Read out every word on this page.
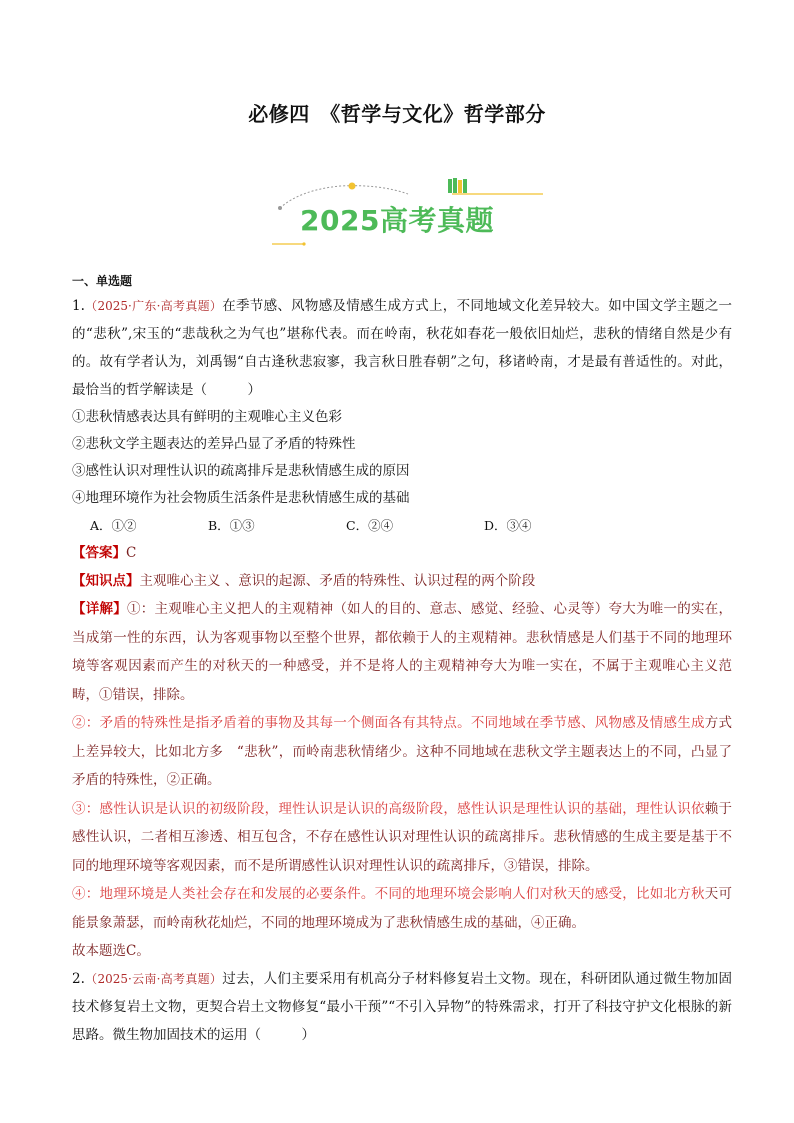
必修四　《哲学与文化》哲学部分
2025高考真题
一、单选题
1.（2025·广东·高考真题）在季节感、风物感及情感生成方式上，不同地域文化差异较大。如中国文学主题之一的“悲秋”,宋玉的“悲哉秋之为气也”堪称代表。而在岭南，秋花如春花一般依旧灿烂，悲秋的情绪自然是少有的。故有学者认为，刘禹锡“自古逢秋悲寂寥，我言秋日胜春朝”之句，移诸岭南，才是最有普适性的。对此，最恰当的哲学解读是（　　　）
①悲秋情感表达具有鲜明的主观唯心主义色彩
②悲秋文学主题表达的差异凸显了矛盾的特殊性
③感性认识对理性认识的疏离排斥是悲秋情感生成的原因
④地理环境作为社会物质生活条件是悲秋情感生成的基础
A．①②	B．①③	C．②④	D．③④
【答案】C
【知识点】主观唯心主义 、意识的起源、矛盾的特殊性、认识过程的两个阶段
【详解】①：主观唯心主义把人的主观精神（如人的目的、意志、感觉、经验、心灵等）夸大为唯一的实在，当成第一性的东西，认为客观事物以至整个世界，都依赖于人的主观精神。悲秋情感是人们基于不同的地理环境等客观因素而产生的对秋天的一种感受，并不是将人的主观精神夸大为唯一实在，不属于主观唯心主义范畴，①错误，排除。
②：矛盾的特殊性是指矛盾着的事物及其每一个侧面各有其特点。不同地域在季节感、风物感及情感生成方式上差异较大，比如北方多　“悲秋”，而岭南悲秋情绪少。这种不同地域在悲秋文学主题表达上的不同，凸显了矛盾的特殊性，②正确。
③：感性认识是认识的初级阶段，理性认识是认识的高级阶段，感性认识是理性认识的基础，理性认识依赖于感性认识，二者相互渗透、相互包含，不存在感性认识对理性认识的疏离排斥。悲秋情感的生成主要是基于不同的地理环境等客观因素，而不是所谓感性认识对理性认识的疏离排斥，③错误，排除。
④：地理环境是人类社会存在和发展的必要条件。不同的地理环境会影响人们对秋天的感受，比如北方秋天可能景象萧瑟，而岭南秋花灿烂，不同的地理环境成为了悲秋情感生成的基础，④正确。
故本题选C。
2.（2025·云南·高考真题）过去，人们主要采用有机高分子材料修复岩土文物。现在，科研团队通过微生物加固技术修复岩土文物，更契合岩土文物修复“最小干预”“不引入异物”的特殊需求，打开了科技守护文化根脉的新思路。微生物加固技术的运用（　　　）
